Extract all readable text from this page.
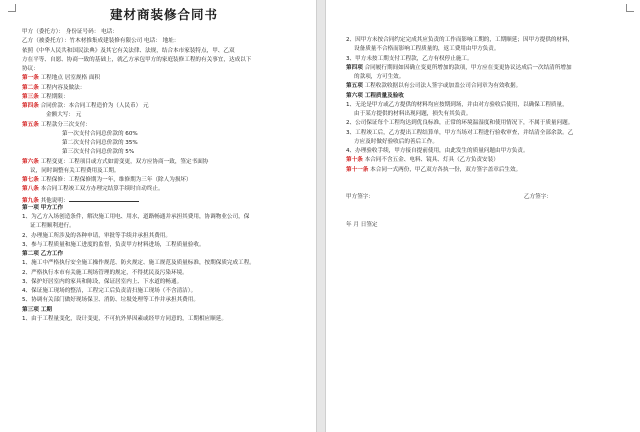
建材商装修合同书
甲方（委托方）： 身份证号码： 电话：
乙方（被委托方）：竹木材推集成建装修有限公司 电话： 地址：
依照《中华人民共和国民法典》及其它有关法律、法规，结合本市家装特点，甲、乙双
方在平等、自愿、协商一致的基础上，就乙方承包甲方的家庭装修工程的有关事宜，达成以下
协议：
第一条 工程地点 居室规格 面积
第二条 工程内容及做法：
第三条 工程期限：
第四条 合同价款：本合同工程造价为（人民币） 元
金额大写： 元
第五条 工程款分三次支付：
第一次支付合同总价款的 60%
第二次支付合同总价款的 35%
第三次支付合同总价款的 5%
第六条 工程变更：工程项目或方式如需变更，双方应协商一致，签定书面协
议，同时调整有关工程费用及工期。
第七条 工程保修：工程保修期为一年，维修期为三年（除人为损坏）
第八条 本合同工程竣工双方办理完结算手续时自动终止。
第九条 其他说明：
第一项 甲方工作
1、为乙方入场创造条件，解决施工用电、用水，道路畅通并承担其费用，协调物业公司，保
证工程顺利进行。
2、办理施工所涉及的各种申请，审批等手续并承担其费用。
3、参与工程质量和施工进度的监督，负责甲方材料进场，工程质量验收。
第二项 乙方工作
1、施工中严格执行安全施工操作规范、防火规定、施工规范及质量标准，按期保质完成工程。
2、严格执行本市有关施工现场管理的规定，不得扰民及污染环境。
3、保护好居室内的家具和陈设，保证居室内上、下水道的畅通。
4、保证施工现场的整洁，工程完工后负责清扫施工现场（不含清洁）。
5、协调有关部门做好现场保卫、消防、垃圾处理等工作并承担其费用。
第三项 工期
1、由于工程量变化，设计变更，不可抗外界因素或经甲方同意的，工期相应顺延。
2、因甲方未按合同约定完成其应负责的工作而影响工期的，工期顺延；因甲方提供的材料，
设备质量不合格而影响工程质量的，返工费用由甲方负责。
3、甲方未按工期支付工程款，乙方有权停止施工。
第四项 合同履行期间如因确立变更所增加的款项，甲方应在变更协议达成后一次结清所增加
的款项，方可生效。
第五项 工程收款收据以有公司法人签字或加盖公司合同章为有效收据。
第六项 工程质量及验收
1、无论是甲方或乙方提供的材料均应按期到场，并由对方验收后使用，以确保工程质量，
由于某方提供的材料出现问题，损失有其负责。
2、公司保证每个工程均达到优良标准，正常的环境温湿度和使用情况下，不属于质量问题。
3、工程竣工后，乙方提出工程结算单，甲方当场对工程进行验收审查，并结清全部余款。乙
方应及时做好验收后的善后工作。
4、办理验收手续，甲方接自提前使用，由此发生的质量问题由甲方负责。
第十条 本合同不含五金、电料、镜具、灯具（乙方负责安装）
第十一条 本合同一式两份，甲乙双方各执一份，双方签字盖章后生效。
甲方签字：	乙方签字：
年 月 日签定
